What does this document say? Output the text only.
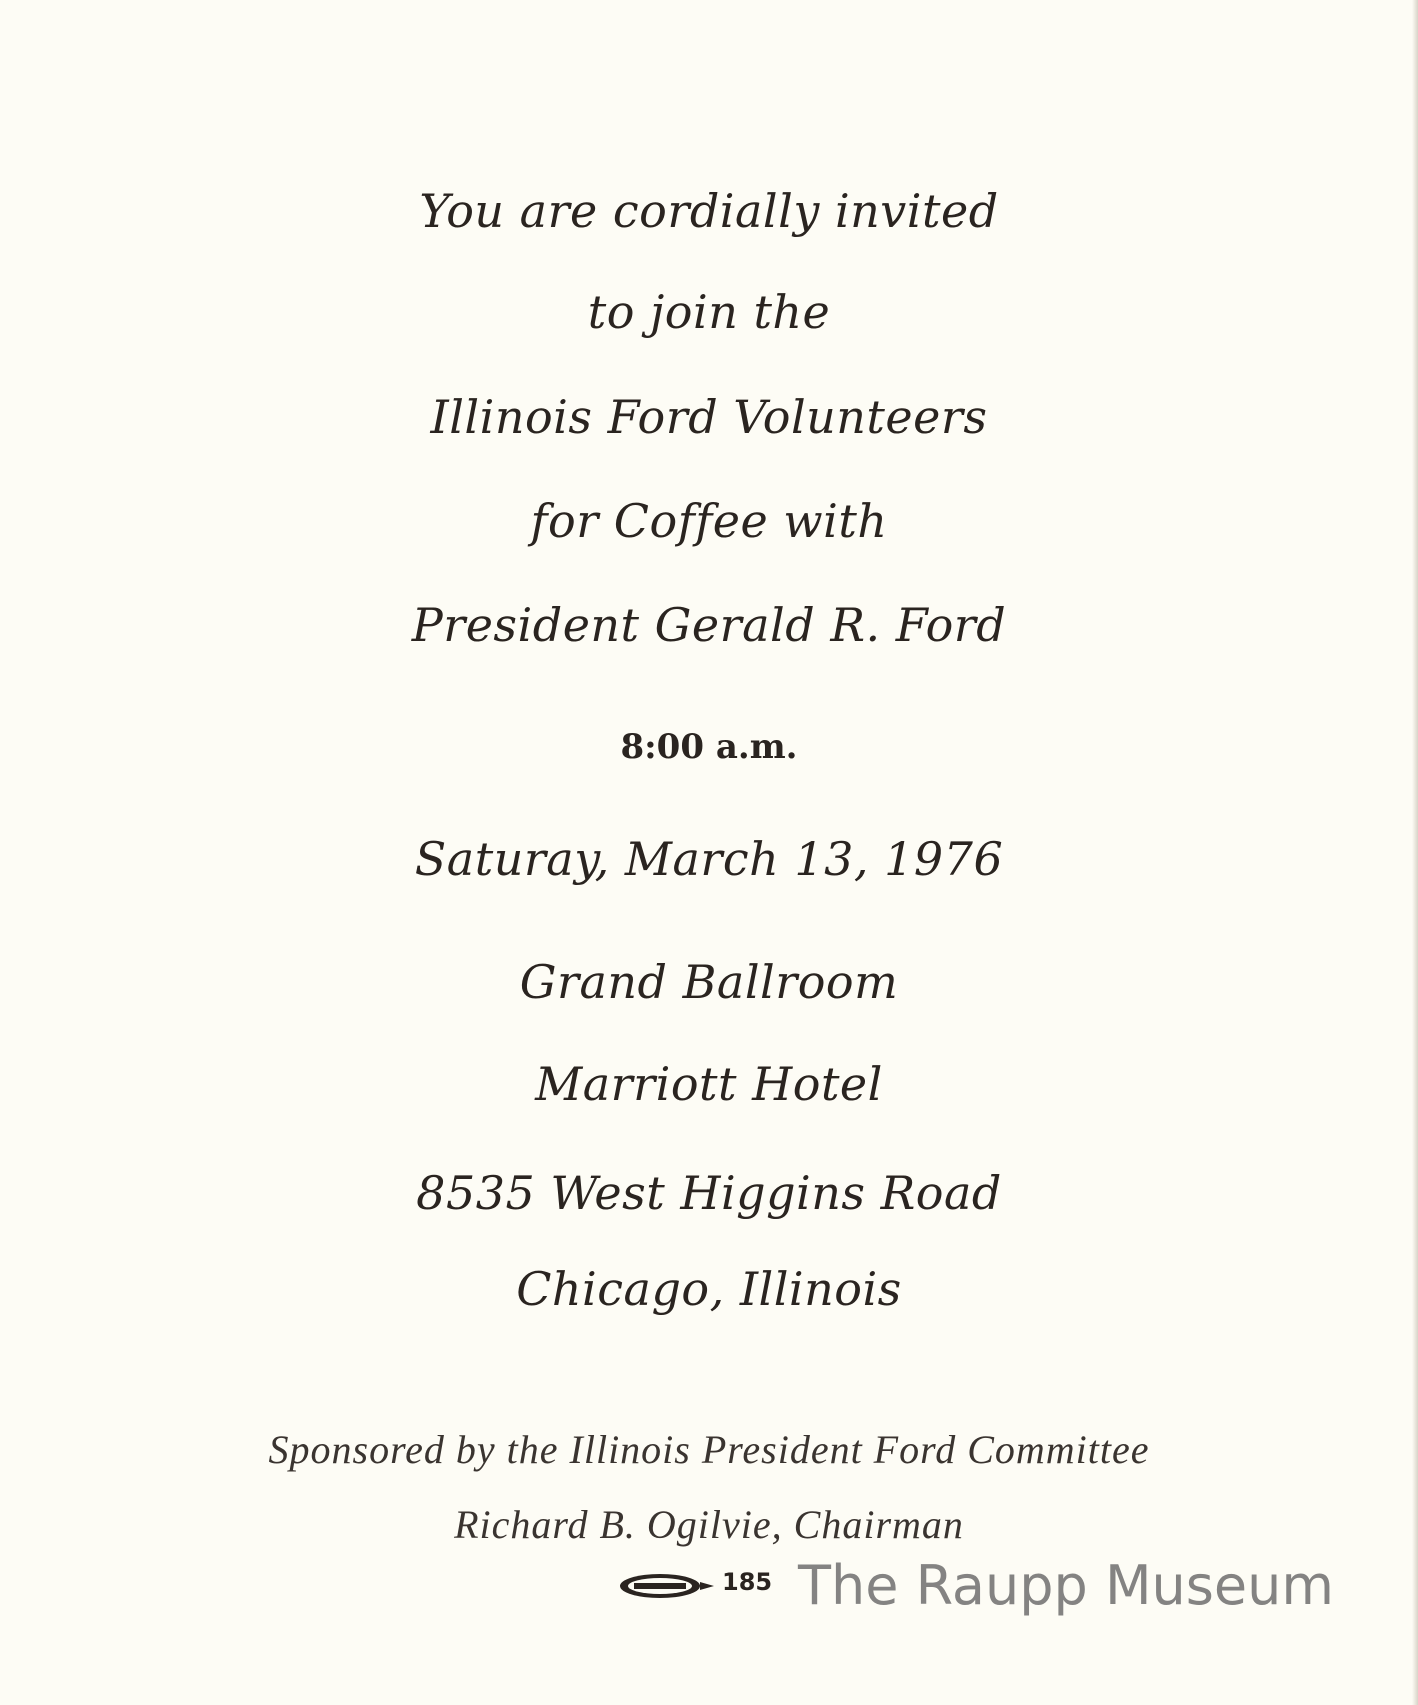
You are cordially invited
to join the
Illinois Ford Volunteers
for Coffee with
President Gerald R. Ford
8:00 a.m.
Saturay, March 13, 1976
Grand Ballroom
Marriott Hotel
8535 West Higgins Road
Chicago, Illinois
Sponsored by the Illinois President Ford Committee
Richard B. Ogilvie, Chairman
185 The Raupp Museum
